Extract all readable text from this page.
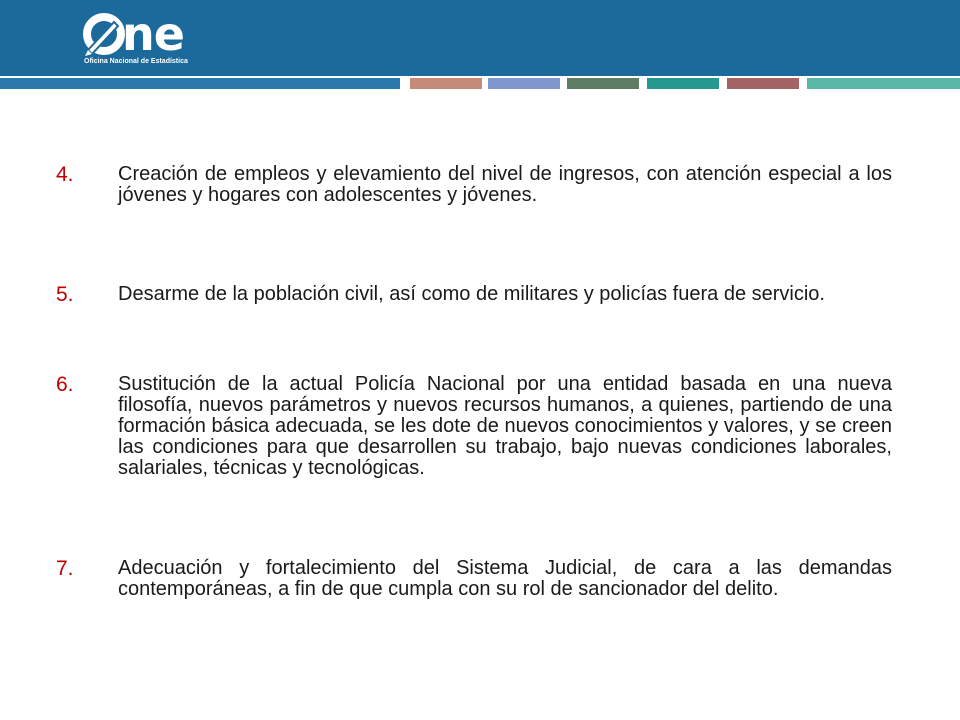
ne
Oficina Nacional de Estadística
4. Creación de empleos y elevamiento del nivel de ingresos, con atención especial a los jóvenes y hogares con adolescentes y jóvenes.

5. Desarme de la población civil, así como de militares y policías fuera de servicio.

6. Sustitución de la actual Policía Nacional por una entidad basada en una nueva filosofía, nuevos parámetros y nuevos recursos humanos, a quienes, partiendo de una formación básica adecuada, se les dote de nuevos conocimientos y valores, y se creen las condiciones para que desarrollen su trabajo, bajo nuevas condiciones laborales, salariales, técnicas y tecnológicas.

7. Adecuación y fortalecimiento del Sistema Judicial, de cara a las demandas contemporáneas, a fin de que cumpla con su rol de sancionador del delito.
